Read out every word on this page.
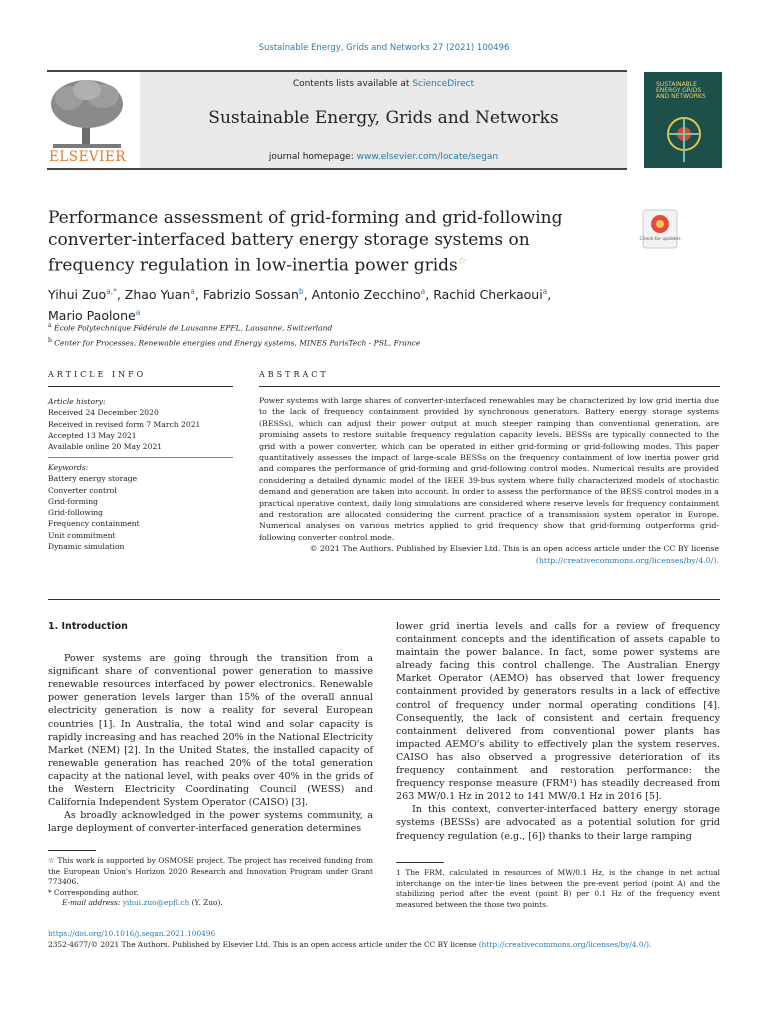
Sustainable Energy, Grids and Networks 27 (2021) 100496
ELSEVIER
Contents lists available at ScienceDirect
Sustainable Energy, Grids and Networks
journal homepage: www.elsevier.com/locate/segan
SUSTAINABLE ENERGY GRIDS AND NETWORKS
Performance assessment of grid-forming and grid-following converter-interfaced battery energy storage systems on frequency regulation in low-inertia power grids☆
Check for updates
Yihui Zuo$^{a,*}$, Zhao Yuan$^a$, Fabrizio Sossan$^b$, Antonio Zecchino$^a$, Rachid Cherkaoui$^a$,
Mario Paolone$^a$
$^a$ École Polytechnique Fédérale de Lausanne EPFL, Lausanne, Switzerland
$^b$ Center for Processes, Renewable energies and Energy systems, MINES ParisTech - PSL, France
ARTICLE INFO	ABSTRACT
Article history:
Received 24 December 2020
Received in revised form 7 March 2021
Accepted 13 May 2021
Available online 20 May 2021
Keywords:
Battery energy storage
Converter control
Grid-forming
Grid-following
Frequency containment
Unit commitment
Dynamic simulation
Power systems with large shares of converter-interfaced renewables may be characterized by low grid inertia due to the lack of frequency containment provided by synchronous generators. Battery energy storage systems (BESSs), which can adjust their power output at much steeper ramping than conventional generation, are promising assets to restore suitable frequency regulation capacity levels. BESSs are typically connected to the grid with a power converter, which can be operated in either grid-forming or grid-following modes. This paper quantitatively assesses the impact of large-scale BESSs on the frequency containment of low inertia power grid and compares the performance of grid-forming and grid-following control modes. Numerical results are provided considering a detailed dynamic model of the IEEE 39-bus system where fully characterized models of stochastic demand and generation are taken into account. In order to assess the performance of the BESS control modes in a practical operative context, daily long simulations are considered where reserve levels for frequency containment and restoration are allocated considering the current practice of a transmission system operator in Europe. Numerical analyses on various metrics applied to grid frequency show that grid-forming outperforms grid-following converter control mode.
© 2021 The Authors. Published by Elsevier Ltd. This is an open access article under the CC BY license
(http://creativecommons.org/licenses/by/4.0/).
1. Introduction

Power systems are going through the transition from a significant share of conventional power generation to massive renewable resources interfaced by power electronics. Renewable power generation levels larger than 15% of the overall annual electricity generation is now a reality for several European countries [1]. In Australia, the total wind and solar capacity is rapidly increasing and has reached 20% in the National Electricity Market (NEM) [2]. In the United States, the installed capacity of renewable generation has reached 20% of the total generation capacity at the national level, with peaks over 40% in the grids of the Western Electricity Coordinating Council (WESS) and California Independent System Operator (CAISO) [3].

As broadly acknowledged in the power systems community, a large deployment of converter-interfaced generation determines

lower grid inertia levels and calls for a review of frequency containment concepts and the identification of assets capable to maintain the power balance. In fact, some power systems are already facing this control challenge. The Australian Energy Market Operator (AEMO) has observed that lower frequency containment provided by generators results in a lack of effective control of frequency under normal operating conditions [4]. Consequently, the lack of consistent and certain frequency containment delivered from conventional power plants has impacted AEMO's ability to effectively plan the system reserves. CAISO has also observed a progressive deterioration of its frequency containment and restoration performance: the frequency response measure (FRM¹) has steadily decreased from 263 MW/0.1 Hz in 2012 to 141 MW/0.1 Hz in 2016 [5].

In this context, converter-interfaced battery energy storage systems (BESSs) are advocated as a potential solution for grid frequency regulation (e.g., [6]) thanks to their large ramping

☆ This work is supported by OSMOSE project. The project has received funding from the European Union's Horizon 2020 Research and Innovation Program under Grant 773406.
* Corresponding author.
E-mail address: yihui.zuo@epfl.ch (Y. Zuo).
1 The FRM, calculated in resources of MW/0.1 Hz, is the change in net actual interchange on the inter-tie lines between the pre-event period (point A) and the stabilizing period after the event (point B) per 0.1 Hz of the frequency event measured between the those two points.
https://doi.org/10.1016/j.segan.2021.100496
2352-4677/© 2021 The Authors. Published by Elsevier Ltd. This is an open access article under the CC BY license (http://creativecommons.org/licenses/by/4.0/).
